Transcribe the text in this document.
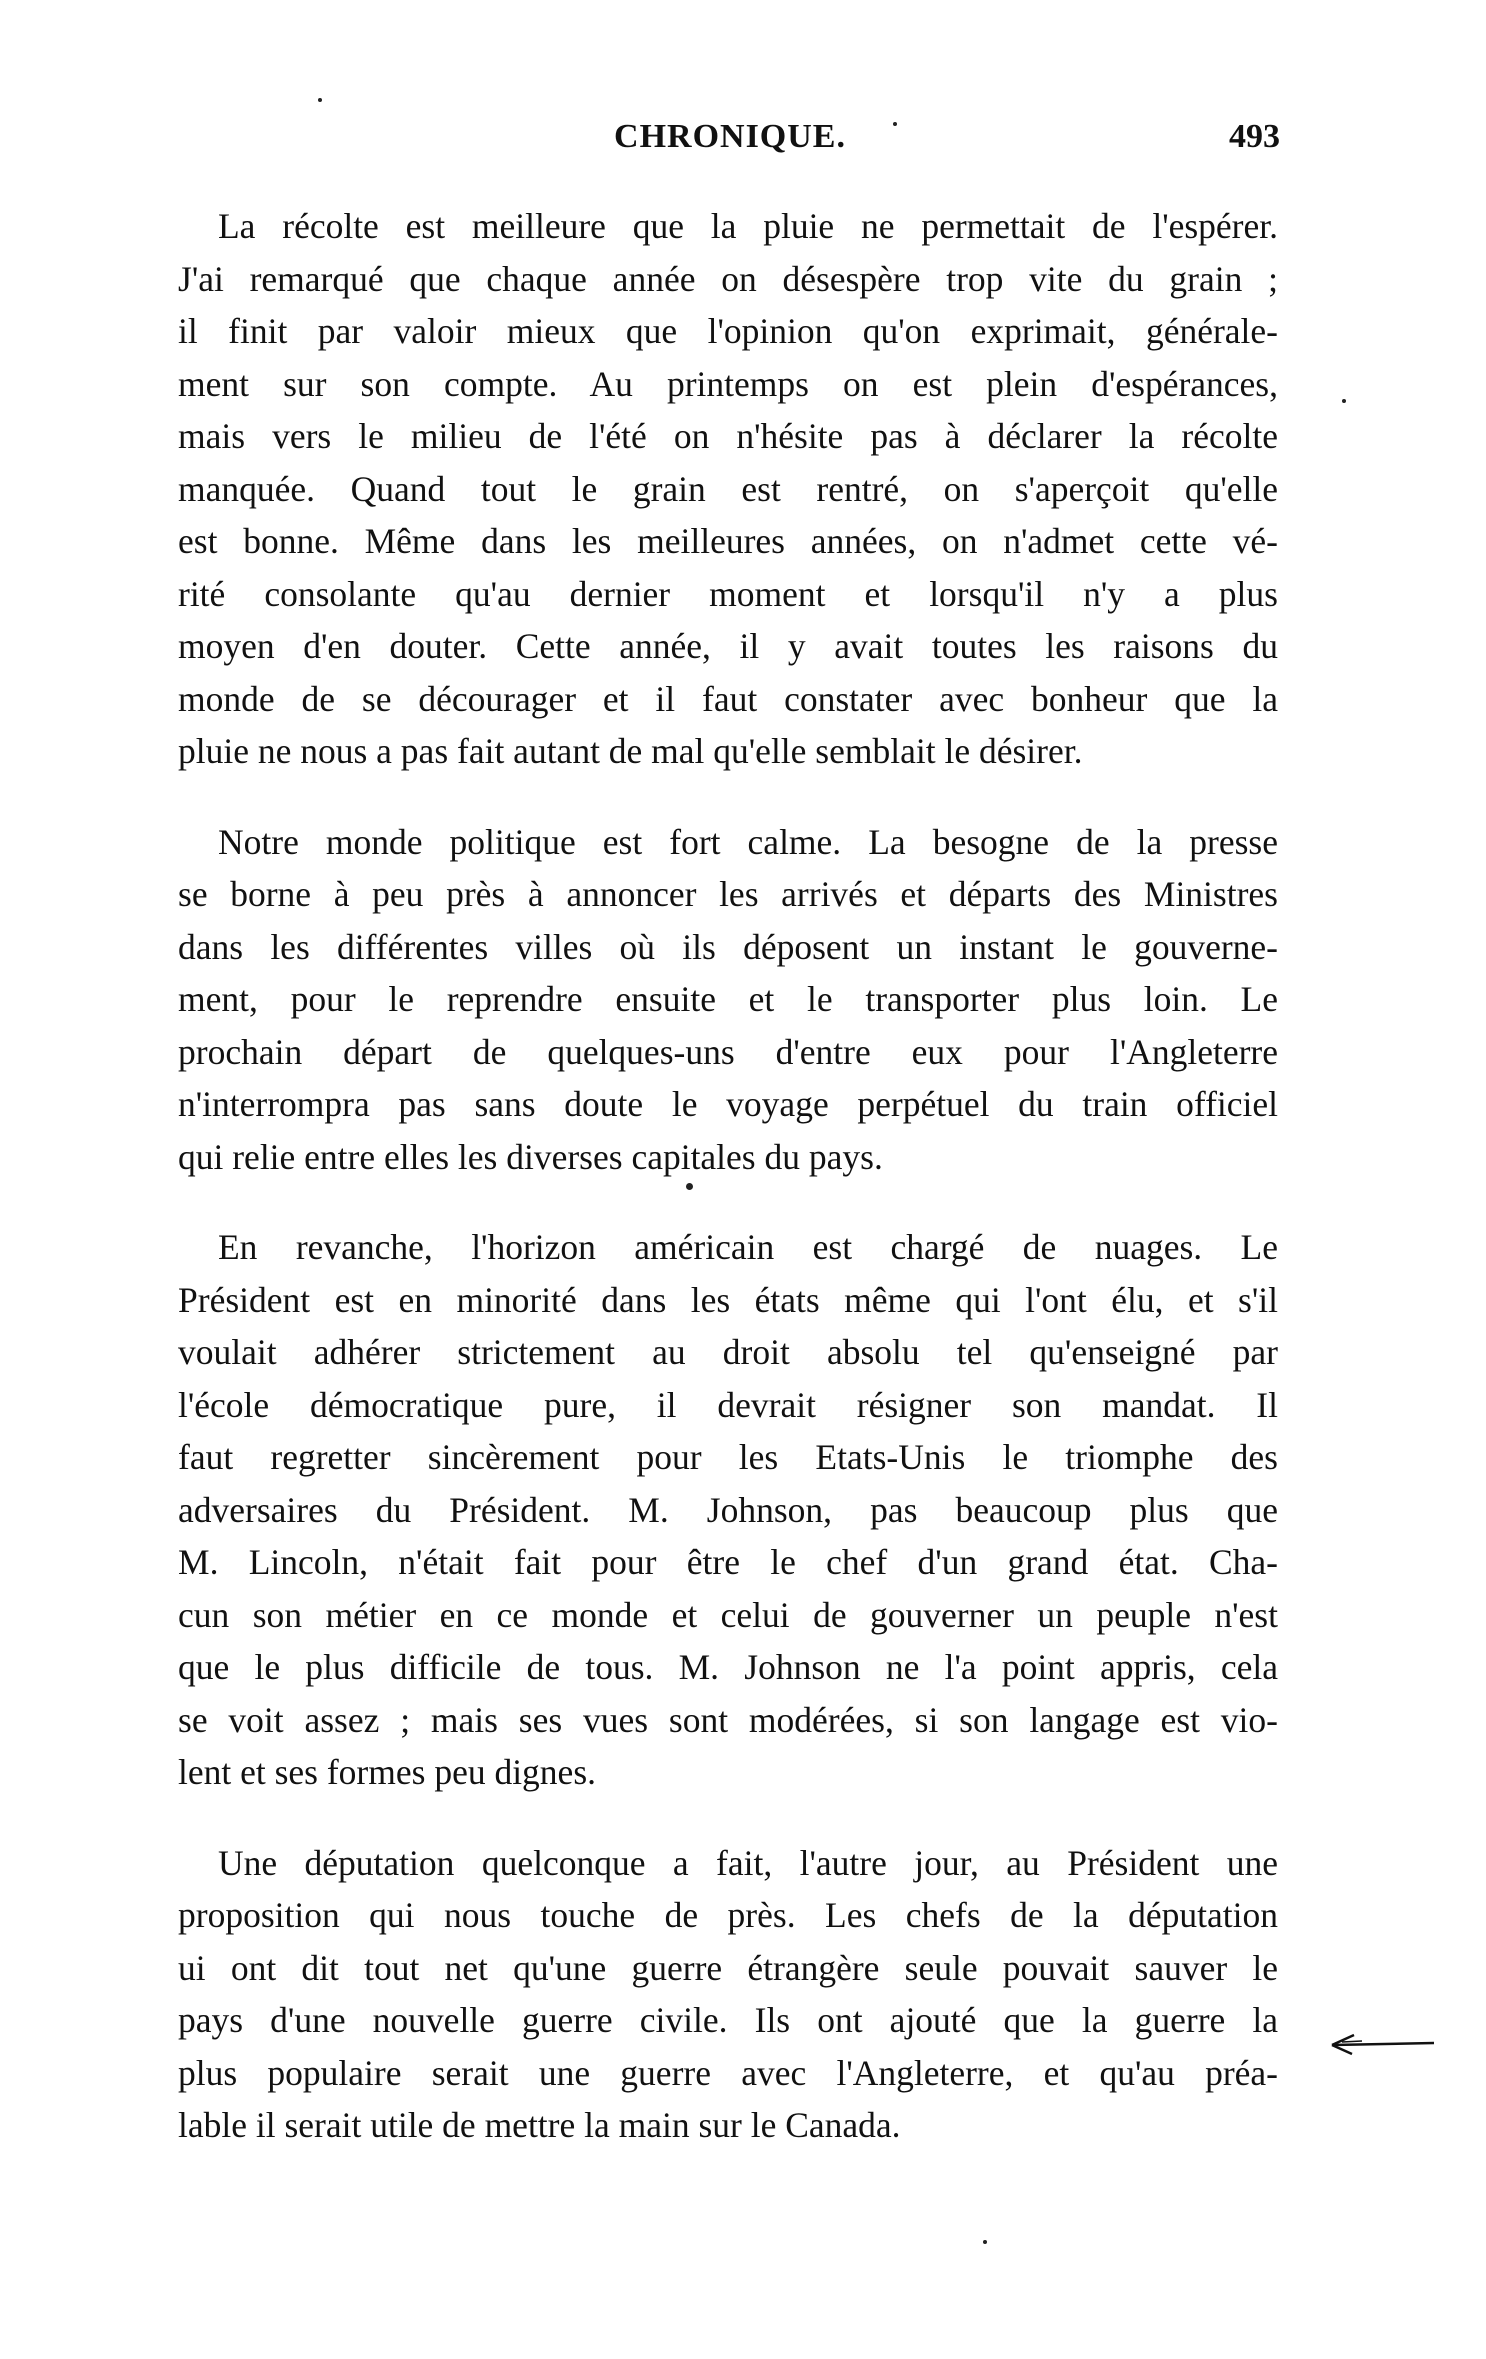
CHRONIQUE.	493
La récolte est meilleure que la pluie ne permettait de l'espérer.
J'ai remarqué que chaque année on désespère trop vite du grain ;
il finit par valoir mieux que l'opinion qu'on exprimait, générale-
ment sur son compte. Au printemps on est plein d'espérances,
mais vers le milieu de l'été on n'hésite pas à déclarer la récolte
manquée. Quand tout le grain est rentré, on s'aperçoit qu'elle
est bonne. Même dans les meilleures années, on n'admet cette vé-
rité consolante qu'au dernier moment et lorsqu'il n'y a plus
moyen d'en douter. Cette année, il y avait toutes les raisons du
monde de se décourager et il faut constater avec bonheur que la
pluie ne nous a pas fait autant de mal qu'elle semblait le désirer.
Notre monde politique est fort calme. La besogne de la presse
se borne à peu près à annoncer les arrivés et départs des Ministres
dans les différentes villes où ils déposent un instant le gouverne-
ment, pour le reprendre ensuite et le transporter plus loin. Le
prochain départ de quelques-uns d'entre eux pour l'Angleterre
n'interrompra pas sans doute le voyage perpétuel du train officiel
qui relie entre elles les diverses capitales du pays.
En revanche, l'horizon américain est chargé de nuages. Le
Président est en minorité dans les états même qui l'ont élu, et s'il
voulait adhérer strictement au droit absolu tel qu'enseigné par
l'école démocratique pure, il devrait résigner son mandat. Il
faut regretter sincèrement pour les Etats-Unis le triomphe des
adversaires du Président. M. Johnson, pas beaucoup plus que
M. Lincoln, n'était fait pour être le chef d'un grand état. Cha-
cun son métier en ce monde et celui de gouverner un peuple n'est
que le plus difficile de tous. M. Johnson ne l'a point appris, cela
se voit assez ; mais ses vues sont modérées, si son langage est vio-
lent et ses formes peu dignes.
Une députation quelconque a fait, l'autre jour, au Président une
proposition qui nous touche de près. Les chefs de la députation
ui ont dit tout net qu'une guerre étrangère seule pouvait sauver le
pays d'une nouvelle guerre civile. Ils ont ajouté que la guerre la
plus populaire serait une guerre avec l'Angleterre, et qu'au préa-
lable il serait utile de mettre la main sur le Canada.
